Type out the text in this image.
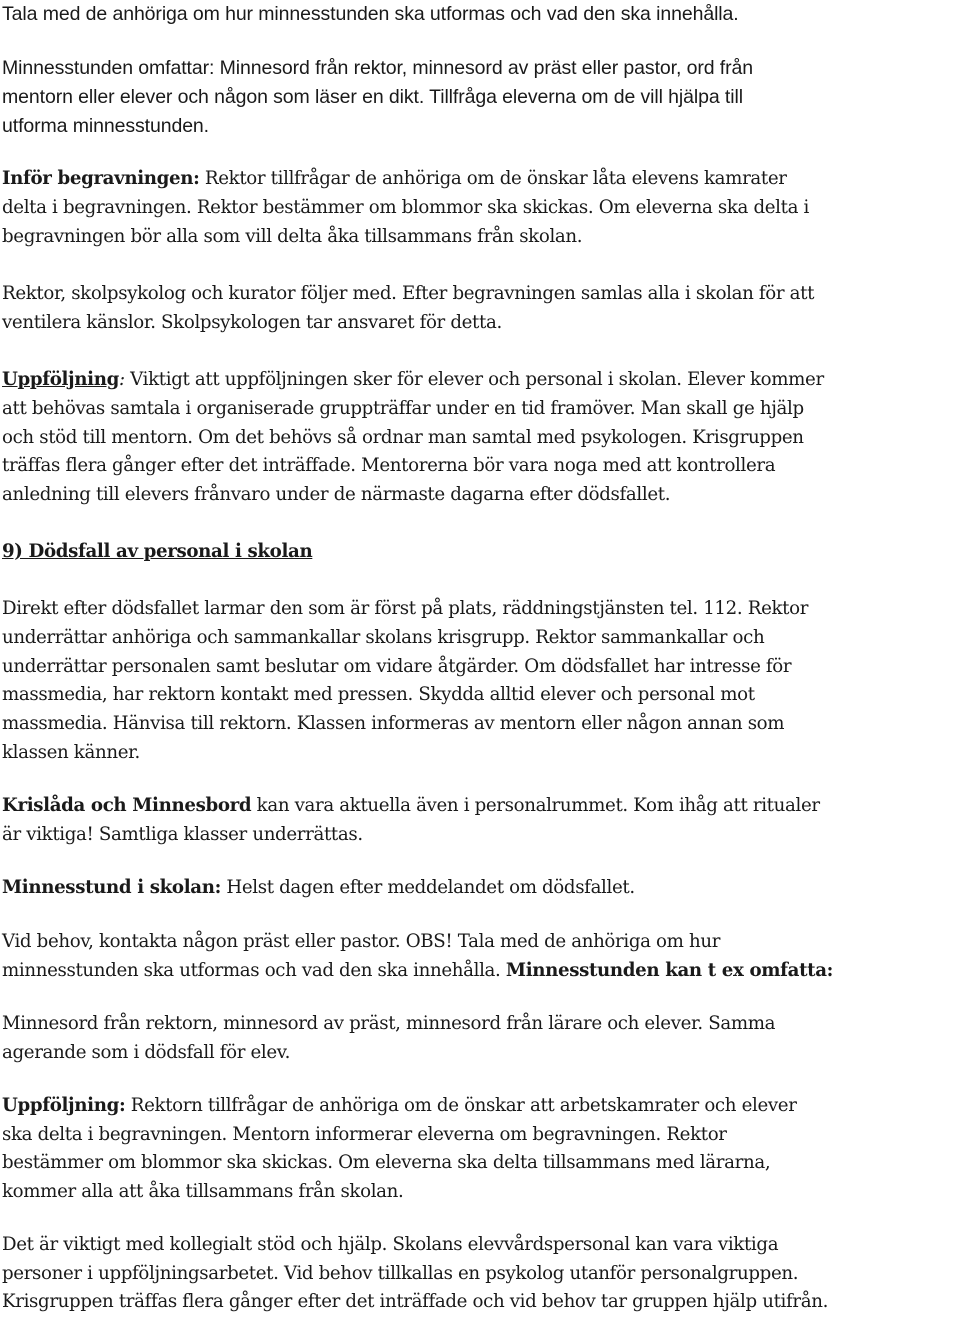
Tala med de anhöriga om hur minnesstunden ska utformas och vad den ska innehålla.
Minnesstunden omfattar: Minnesord från rektor, minnesord av präst eller pastor, ord från
mentorn eller elever och någon som läser en dikt. Tillfråga eleverna om de vill hjälpa till
utforma minnesstunden.
Inför begravningen: Rektor tillfrågar de anhöriga om de önskar låta elevens kamrater
delta i begravningen. Rektor bestämmer om blommor ska skickas. Om eleverna ska delta i
begravningen bör alla som vill delta åka tillsammans från skolan.
Rektor, skolpsykolog och kurator följer med. Efter begravningen samlas alla i skolan för att
ventilera känslor. Skolpsykologen tar ansvaret för detta.
Uppföljning: Viktigt att uppföljningen sker för elever och personal i skolan. Elever kommer
att behövas samtala i organiserade gruppträffar under en tid framöver. Man skall ge hjälp
och stöd till mentorn. Om det behövs så ordnar man samtal med psykologen. Krisgruppen
träffas flera gånger efter det inträffade. Mentorerna bör vara noga med att kontrollera
anledning till elevers frånvaro under de närmaste dagarna efter dödsfallet.
9) Dödsfall av personal i skolan
Direkt efter dödsfallet larmar den som är först på plats, räddningstjänsten tel. 112. Rektor
underrättar anhöriga och sammankallar skolans krisgrupp. Rektor sammankallar och
underrättar personalen samt beslutar om vidare åtgärder. Om dödsfallet har intresse för
massmedia, har rektorn kontakt med pressen. Skydda alltid elever och personal mot
massmedia. Hänvisa till rektorn. Klassen informeras av mentorn eller någon annan som
klassen känner.
Krislåda och Minnesbord kan vara aktuella även i personalrummet. Kom ihåg att ritualer
är viktiga! Samtliga klasser underrättas.
Minnesstund i skolan: Helst dagen efter meddelandet om dödsfallet.
Vid behov, kontakta någon präst eller pastor. OBS! Tala med de anhöriga om hur
minnesstunden ska utformas och vad den ska innehålla. Minnesstunden kan t ex omfatta:
Minnesord från rektorn, minnesord av präst, minnesord från lärare och elever. Samma
agerande som i dödsfall för elev.
Uppföljning: Rektorn tillfrågar de anhöriga om de önskar att arbetskamrater och elever
ska delta i begravningen. Mentorn informerar eleverna om begravningen. Rektor
bestämmer om blommor ska skickas. Om eleverna ska delta tillsammans med lärarna,
kommer alla att åka tillsammans från skolan.
Det är viktigt med kollegialt stöd och hjälp. Skolans elevvårdspersonal kan vara viktiga
personer i uppföljningsarbetet. Vid behov tillkallas en psykolog utanför personalgruppen.
Krisgruppen träffas flera gånger efter det inträffade och vid behov tar gruppen hjälp utifrån.
